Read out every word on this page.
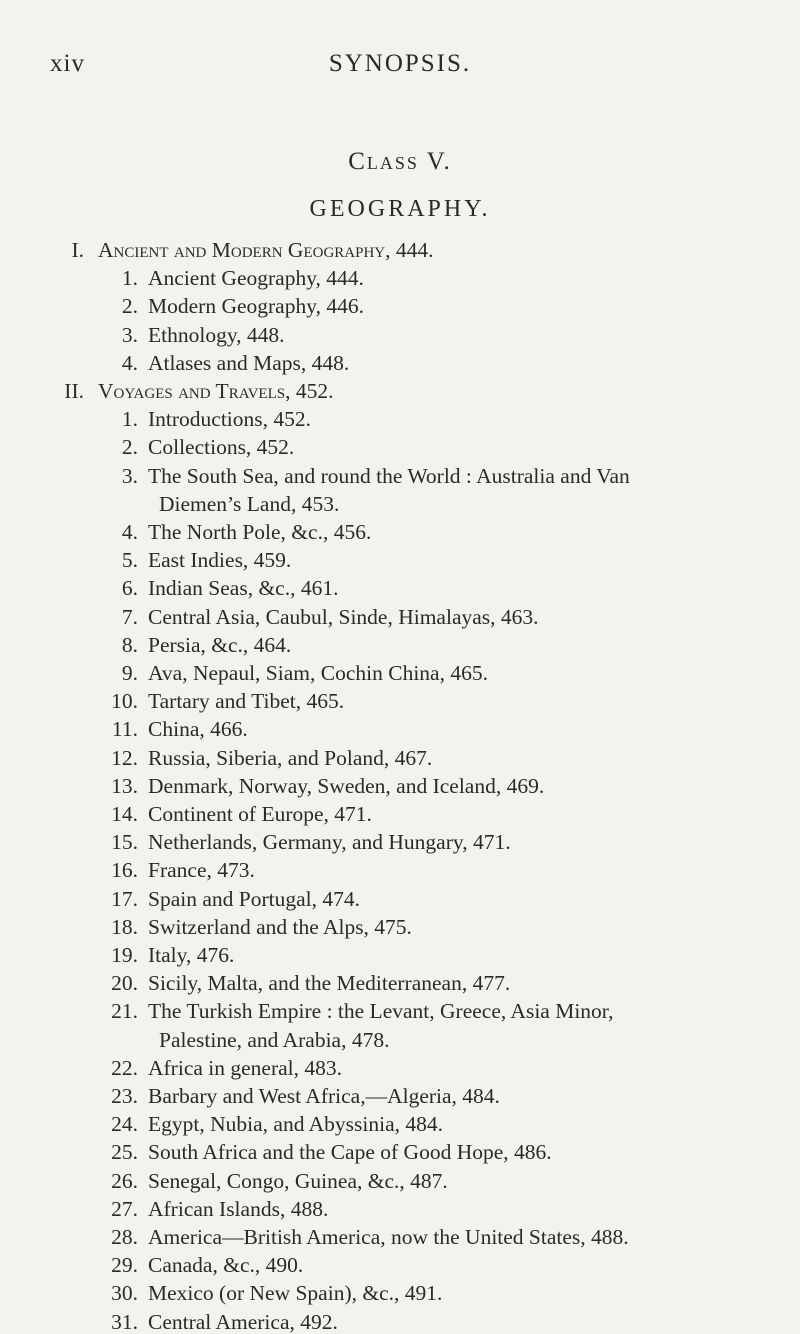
xiv	SYNOPSIS.
Class V.
GEOGRAPHY.
I. Ancient and Modern Geography, 444.
1. Ancient Geography, 444.
2. Modern Geography, 446.
3. Ethnology, 448.
4. Atlases and Maps, 448.
II. Voyages and Travels, 452.
1. Introductions, 452.
2. Collections, 452.
3. The South Sea, and round the World : Australia and Van
Diemen’s Land, 453.
4. The North Pole, &c., 456.
5. East Indies, 459.
6. Indian Seas, &c., 461.
7. Central Asia, Caubul, Sinde, Himalayas, 463.
8. Persia, &c., 464.
9. Ava, Nepaul, Siam, Cochin China, 465.
10. Tartary and Tibet, 465.
11. China, 466.
12. Russia, Siberia, and Poland, 467.
13. Denmark, Norway, Sweden, and Iceland, 469.
14. Continent of Europe, 471.
15. Netherlands, Germany, and Hungary, 471.
16. France, 473.
17. Spain and Portugal, 474.
18. Switzerland and the Alps, 475.
19. Italy, 476.
20. Sicily, Malta, and the Mediterranean, 477.
21. The Turkish Empire : the Levant, Greece, Asia Minor,
Palestine, and Arabia, 478.
22. Africa in general, 483.
23. Barbary and West Africa,—Algeria, 484.
24. Egypt, Nubia, and Abyssinia, 484.
25. South Africa and the Cape of Good Hope, 486.
26. Senegal, Congo, Guinea, &c., 487.
27. African Islands, 488.
28. America—British America, now the United States, 488.
29. Canada, &c., 490.
30. Mexico (or New Spain), &c., 491.
31. Central America, 492.
